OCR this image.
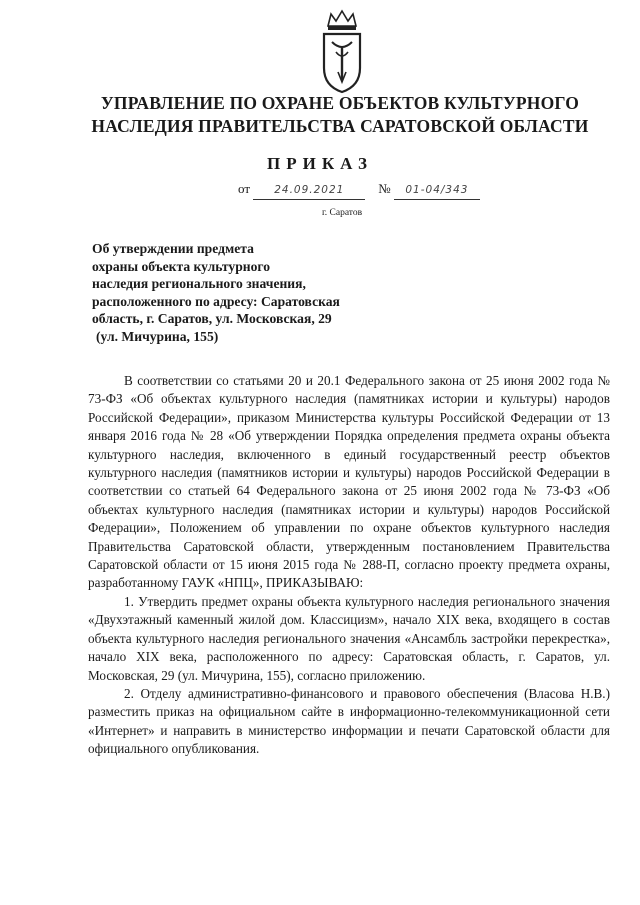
УПРАВЛЕНИЕ ПО ОХРАНЕ ОБЪЕКТОВ КУЛЬТУРНОГО
НАСЛЕДИЯ ПРАВИТЕЛЬСТВА САРАТОВСКОЙ ОБЛАСТИ
ПРИКАЗ
от 24.09.2021	№ 01-04/343
г. Саратов
Об утверждении предмета
охраны объекта культурного
наследия регионального значения,
расположенного по адресу: Саратовская
область, г. Саратов, ул. Московская, 29
(ул. Мичурина, 155)

В соответствии со статьями 20 и 20.1 Федерального закона от 25 июня 2002 года № 73-ФЗ «Об объектах культурного наследия (памятниках истории и культуры) народов Российской Федерации», приказом Министерства культуры Российской Федерации от 13 января 2016 года № 28 «Об утверждении Порядка определения предмета охраны объекта культурного наследия, включенного в единый государственный реестр объектов культурного наследия (памятников истории и культуры) народов Российской Федерации в соответствии со статьей 64 Федерального закона от 25 июня 2002 года № 73-ФЗ «Об объектах культурного наследия (памятниках истории и культуры) народов Российской Федерации», Положением об управлении по охране объектов культурного наследия Правительства Саратовской области, утвержденным постановлением Правительства Саратовской области от 15 июня 2015 года № 288-П, согласно проекту предмета охраны, разработанному ГАУК «НПЦ», ПРИКАЗЫВАЮ:

1. Утвердить предмет охраны объекта культурного наследия регионального значения «Двухэтажный каменный жилой дом. Классицизм», начало XIX века, входящего в состав объекта культурного наследия регионального значения «Ансамбль застройки перекрестка», начало XIX века, расположенного по адресу: Саратовская область, г. Саратов, ул. Московская, 29 (ул. Мичурина, 155), согласно приложению.

2. Отделу административно-финансового и правового обеспечения (Власова Н.В.) разместить приказ на официальном сайте в информационно-телекоммуникационной сети «Интернет» и направить в министерство информации и печати Саратовской области для официального опубликования.
